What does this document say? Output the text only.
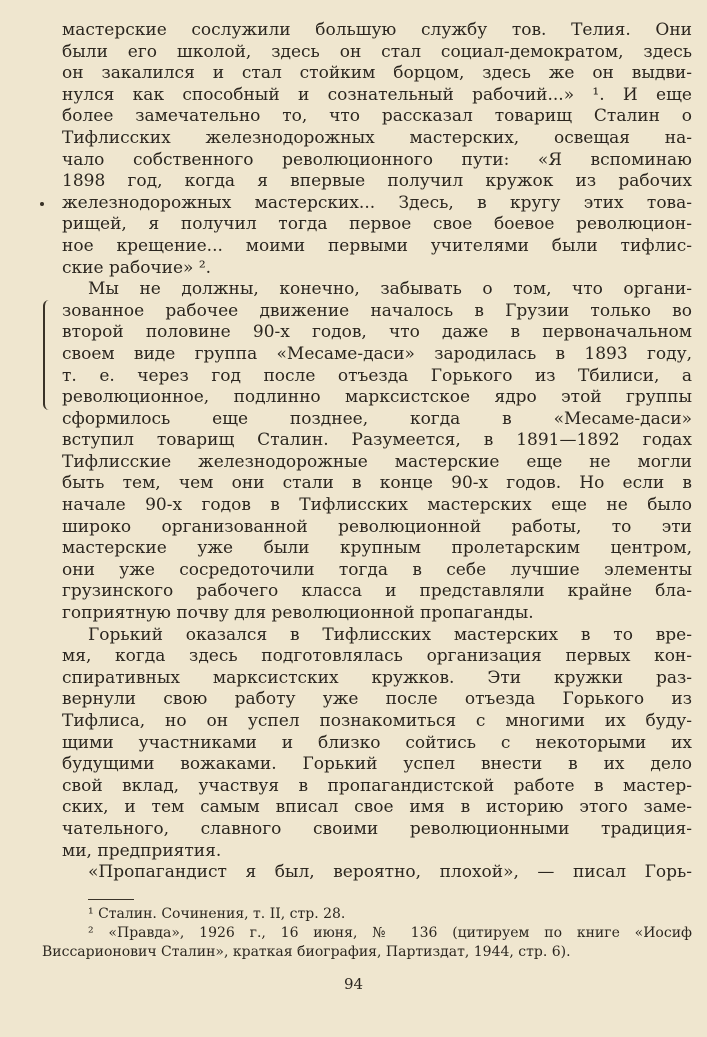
мастерские сослужили большую службу тов. Телия. Они
были его школой, здесь он стал социал-демократом, здесь
он закалился и стал стойким борцом, здесь же он выдви-
нулся как способный и сознательный рабочий...» ¹. И еще
более замечательно то, что рассказал товарищ Сталин о
Тифлисских железнодорожных мастерских, освещая на-
чало собственного революционного пути: «Я вспоминаю
1898 год, когда я впервые получил кружок из рабочих
железнодорожных мастерских... Здесь, в кругу этих това-
рищей, я получил тогда первое свое боевое революцион-
ное крещение... моими первыми учителями были тифлис-
ские рабочие» ².
Мы не должны, конечно, забывать о том, что органи-
зованное рабочее движение началось в Грузии только во
второй половине 90-х годов, что даже в первоначальном
своем виде группа «Месаме-даси» зародилась в 1893 году,
т. е. через год после отъезда Горького из Тбилиси, а
революционное, подлинно марксистское ядро этой группы
сформилось еще позднее, когда в «Месаме-даси»
вступил товарищ Сталин. Разумеется, в 1891—1892 годах
Тифлисские железнодорожные мастерские еще не могли
быть тем, чем они стали в конце 90-х годов. Но если в
начале 90-х годов в Тифлисских мастерских еще не было
широко организованной революционной работы, то эти
мастерские уже были крупным пролетарским центром,
они уже сосредоточили тогда в себе лучшие элементы
грузинского рабочего класса и представляли крайне бла-
гоприятную почву для революционной пропаганды.
Горький оказался в Тифлисских мастерских в то вре-
мя, когда здесь подготовлялась организация первых кон-
спиративных марксистских кружков. Эти кружки раз-
вернули свою работу уже после отъезда Горького из
Тифлиса, но он успел познакомиться с многими их буду-
щими участниками и близко сойтись с некоторыми их
будущими вожаками. Горький успел внести в их дело
свой вклад, участвуя в пропагандистской работе в мастер-
ских, и тем самым вписал свое имя в историю этого заме-
чательного, славного своими революционными традиция-
ми, предприятия.
«Пропагандист я был, вероятно, плохой», — писал Горь-
¹ Сталин. Сочинения, т. II, стр. 28.
² «Правда», 1926 г., 16 июня, № 136 (цитируем по книге «Иосиф
Виссарионович Сталин», краткая биография, Партиздат, 1944, стр. 6).
94
